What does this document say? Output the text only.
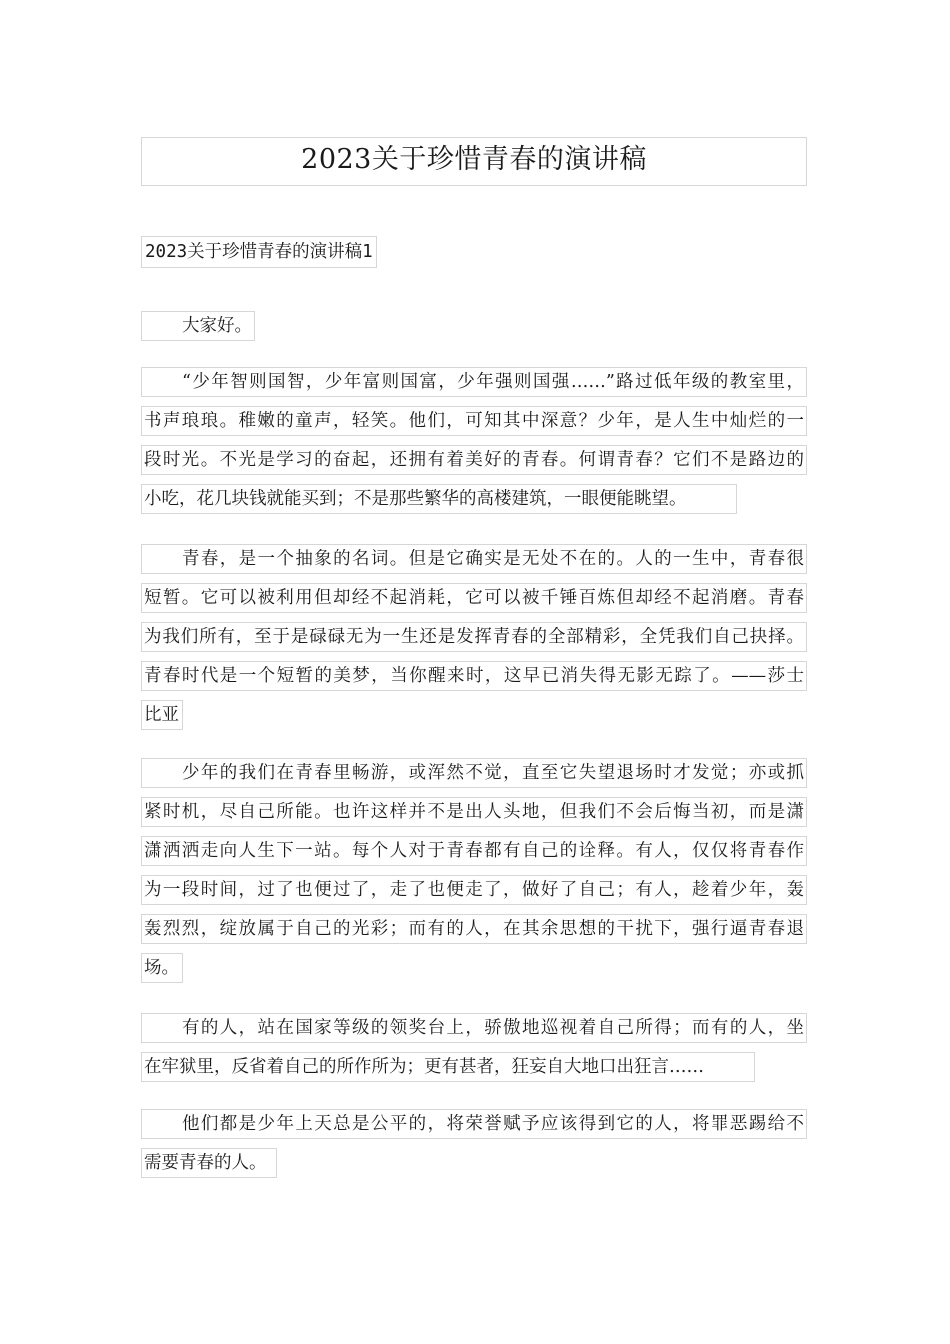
2023关于珍惜青春的演讲稿
2023关于珍惜青春的演讲稿1
大家好。
“少年智则国智，少年富则国富，少年强则国强……”路过低年级的教室里，
书声琅琅。稚嫩的童声，轻笑。他们，可知其中深意？少年，是人生中灿烂的一
段时光。不光是学习的奋起，还拥有着美好的青春。何谓青春？它们不是路边的
小吃，花几块钱就能买到；不是那些繁华的高楼建筑，一眼便能眺望。
青春，是一个抽象的名词。但是它确实是无处不在的。人的一生中，青春很
短暂。它可以被利用但却经不起消耗，它可以被千锤百炼但却经不起消磨。青春
为我们所有，至于是碌碌无为一生还是发挥青春的全部精彩，全凭我们自己抉择。
青春时代是一个短暂的美梦，当你醒来时，这早已消失得无影无踪了。——莎士
比亚
少年的我们在青春里畅游，或浑然不觉，直至它失望退场时才发觉；亦或抓
紧时机，尽自己所能。也许这样并不是出人头地，但我们不会后悔当初，而是潇
潇洒洒走向人生下一站。每个人对于青春都有自己的诠释。有人，仅仅将青春作
为一段时间，过了也便过了，走了也便走了，做好了自己；有人，趁着少年，轰
轰烈烈，绽放属于自己的光彩；而有的人，在其余思想的干扰下，强行逼青春退
场。
有的人，站在国家等级的领奖台上，骄傲地巡视着自己所得；而有的人，坐
在牢狱里，反省着自己的所作所为；更有甚者，狂妄自大地口出狂言……
他们都是少年上天总是公平的，将荣誉赋予应该得到它的人，将罪恶踢给不
需要青春的人。
